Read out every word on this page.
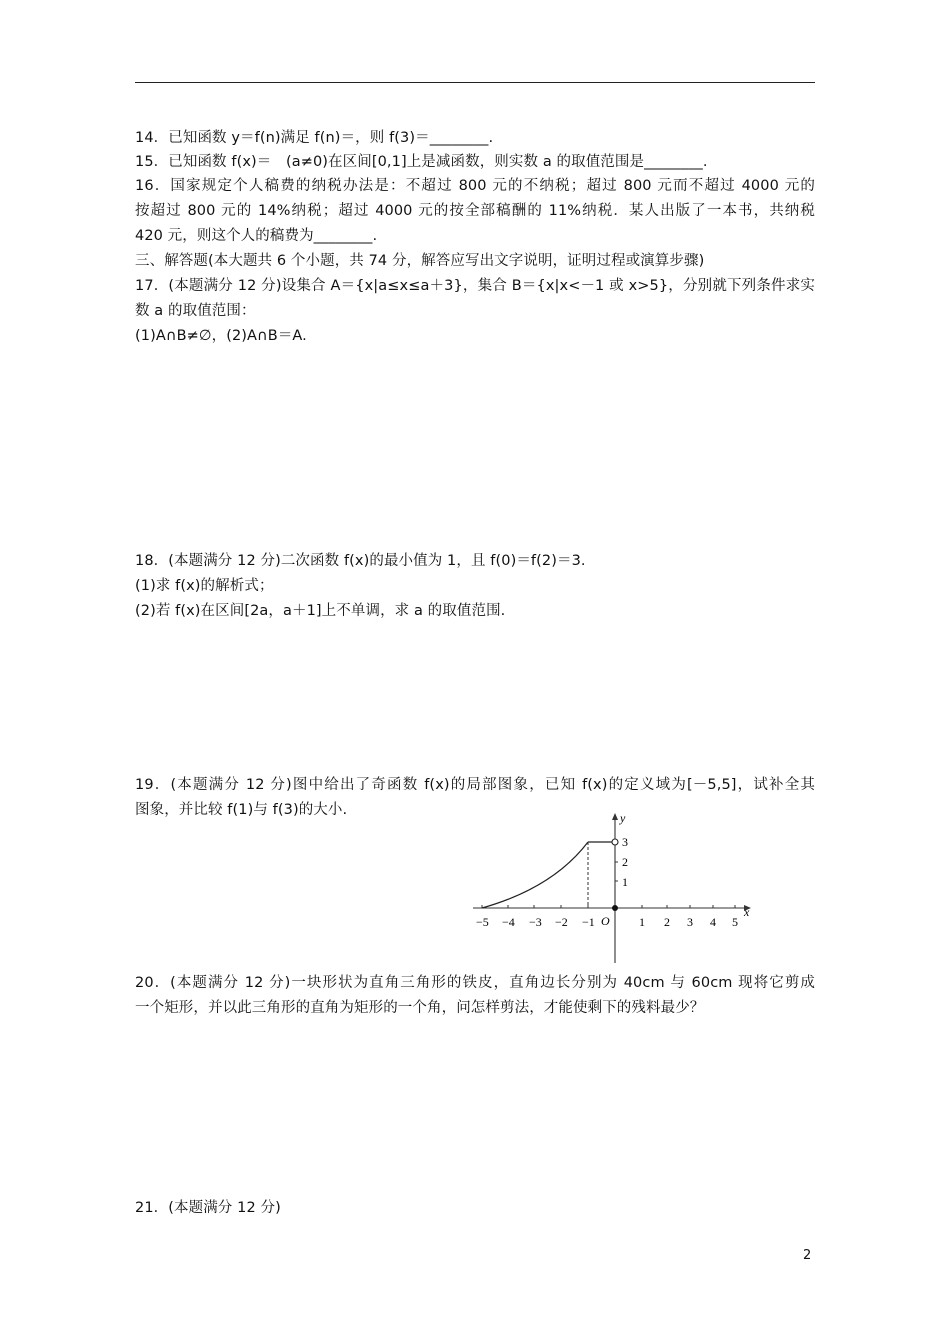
14．已知函数 y＝f(n)满足 f(n)＝，则 f(3)＝________.
15．已知函数 f(x)＝　(a≠0)在区间[0,1]上是减函数，则实数 a 的取值范围是________.
16．国家规定个人稿费的纳税办法是：不超过 800 元的不纳税；超过 800 元而不超过 4000 元的
按超过 800 元的 14%纳税；超过 4000 元的按全部稿酬的 11%纳税．某人出版了一本书，共纳税
420 元，则这个人的稿费为________.
三、解答题(本大题共 6 个小题，共 74 分，解答应写出文字说明，证明过程或演算步骤)
17．(本题满分 12 分)设集合 A＝{x|a≤x≤a＋3}，集合 B＝{x|x<－1 或 x>5}，分别就下列条件求实
数 a 的取值范围：
(1)A∩B≠∅，(2)A∩B＝A.
18．(本题满分 12 分)二次函数 f(x)的最小值为 1，且 f(0)＝f(2)＝3.
(1)求 f(x)的解析式；
(2)若 f(x)在区间[2a，a＋1]上不单调，求 a 的取值范围.
19．(本题满分 12 分)图中给出了奇函数 f(x)的局部图象，已知 f(x)的定义域为[－5,5]，试补全其
图象，并比较 f(1)与 f(3)的大小.
−5 −4 −3 −2 −1 O 1 2 3 4 5
x
3
2
1
y
20．(本题满分 12 分)一块形状为直角三角形的铁皮，直角边长分别为 40cm 与 60cm 现将它剪成
一个矩形，并以此三角形的直角为矩形的一个角，问怎样剪法，才能使剩下的残料最少？
21．(本题满分 12 分)
2
